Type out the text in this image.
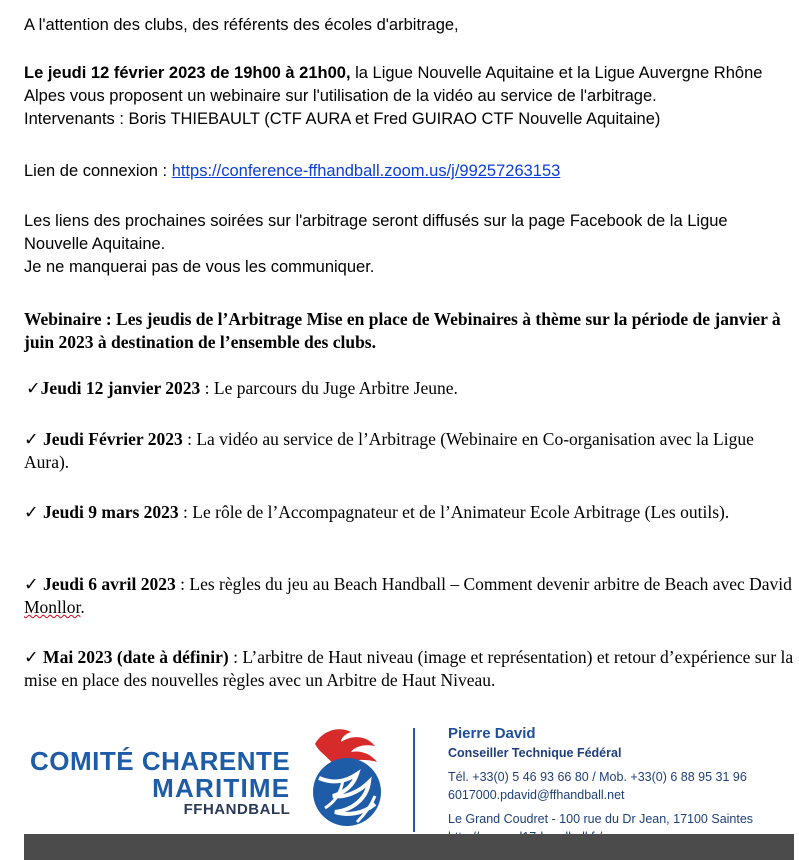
A l'attention des clubs, des référents des écoles d'arbitrage,

Le jeudi 12 février 2023 de 19h00 à 21h00, la Ligue Nouvelle Aquitaine et la Ligue Auvergne Rhône Alpes vous proposent un webinaire sur l'utilisation de la vidéo au service de l'arbitrage.
Intervenants : Boris THIEBAULT (CTF AURA et Fred GUIRAO CTF Nouvelle Aquitaine)

Lien de connexion : https://conference-ffhandball.zoom.us/j/99257263153

Les liens des prochaines soirées sur l'arbitrage seront diffusés sur la page Facebook de la Ligue Nouvelle Aquitaine.
Je ne manquerai pas de vous les communiquer.

Webinaire : Les jeudis de l’Arbitrage Mise en place de Webinaires à thème sur la période de janvier à juin 2023 à destination de l’ensemble des clubs.

✓Jeudi 12 janvier 2023 : Le parcours du Juge Arbitre Jeune.

✓ Jeudi Février 2023 : La vidéo au service de l’Arbitrage (Webinaire en Co-organisation avec la Ligue Aura).

✓ Jeudi 9 mars 2023 : Le rôle de l’Accompagnateur et de l’Animateur Ecole Arbitrage (Les outils).

✓ Jeudi 6 avril 2023 : Les règles du jeu au Beach Handball – Comment devenir arbitre de Beach avec David Monllor.

✓ Mai 2023 (date à définir) : L’arbitre de Haut niveau (image et représentation) et retour d’expérience sur la mise en place des nouvelles règles avec un Arbitre de Haut Niveau.

COMITÉ CHARENTE
MARITIME
FFHANDBALL
Pierre David
Conseiller Technique Fédéral
Tél. +33(0) 5 46 93 66 80 / Mob. +33(0) 6 88 95 31 96
6017000.pdavid@ffhandball.net
Le Grand Coudret - 100 rue du Dr Jean, 17100 Saintes
